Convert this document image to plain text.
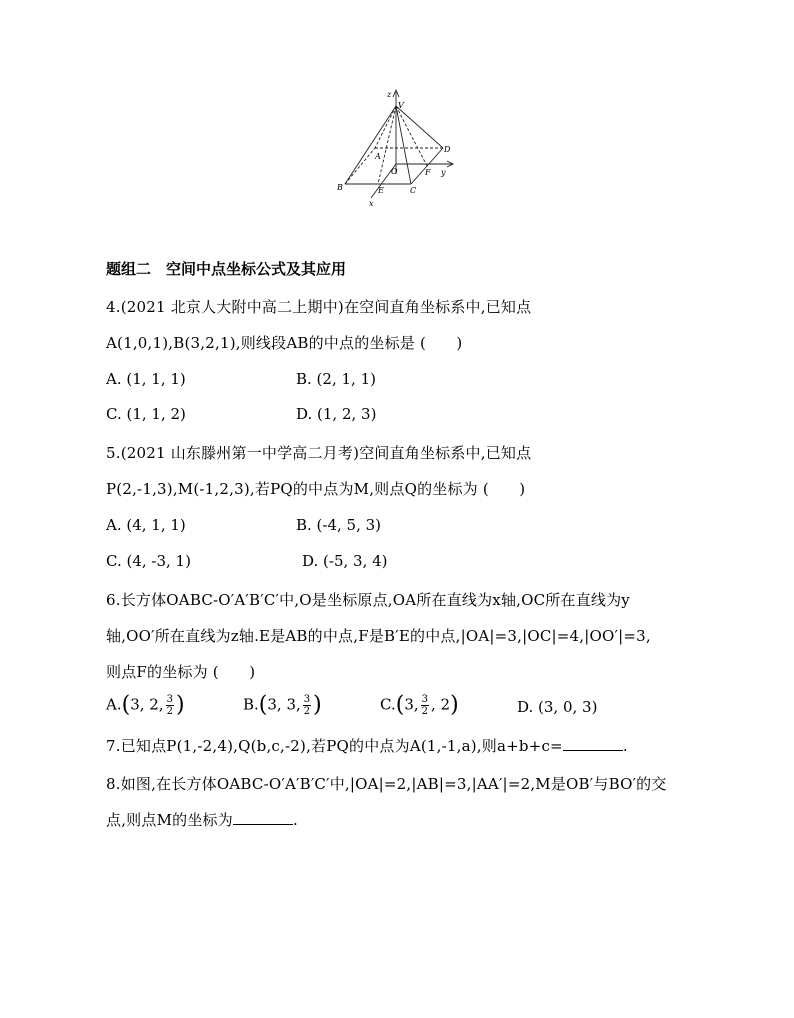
z
V
A
D
O	F y
B	E	C
x
题组二　空间中点坐标公式及其应用
4.(2021 北京人大附中高二上期中)在空间直角坐标系中,已知点
A(1,0,1),B(3,2,1),则线段AB的中点的坐标是 (　　)
A. (1, 1, 1)	B. (2, 1, 1)
C. (1, 1, 2)	D. (1, 2, 3)
5.(2021 山东滕州第一中学高二月考)空间直角坐标系中,已知点
P(2,-1,3),M(-1,2,3),若PQ的中点为M,则点Q的坐标为 (　　)
A. (4, 1, 1)	B. (-4, 5, 3)
C. (4, -3, 1)	D. (-5, 3, 4)
6.长方体OABC-O′A′B′C′中,O是坐标原点,OA所在直线为x轴,OC所在直线为y
轴,OO′所在直线为z轴.E是AB的中点,F是B′E的中点,|OA|=3,|OC|=4,|OO′|=3,
则点F的坐标为 (　　)
A.(3, 2, $\frac{3}{2}$ )	B.(3, 3, $\frac{3}{2}$ )	C.(3, $\frac{3}{2}$ , 2)	D. (3, 0, 3)
7.已知点P(1,-2,4),Q(b,c,-2),若PQ的中点为A(1,-1,a),则a+b+c=	.
8.如图,在长方体OABC-O′A′B′C′中,|OA|=2,|AB|=3,|AA′|=2,M是OB′与BO′的交
点,则点M的坐标为	.
